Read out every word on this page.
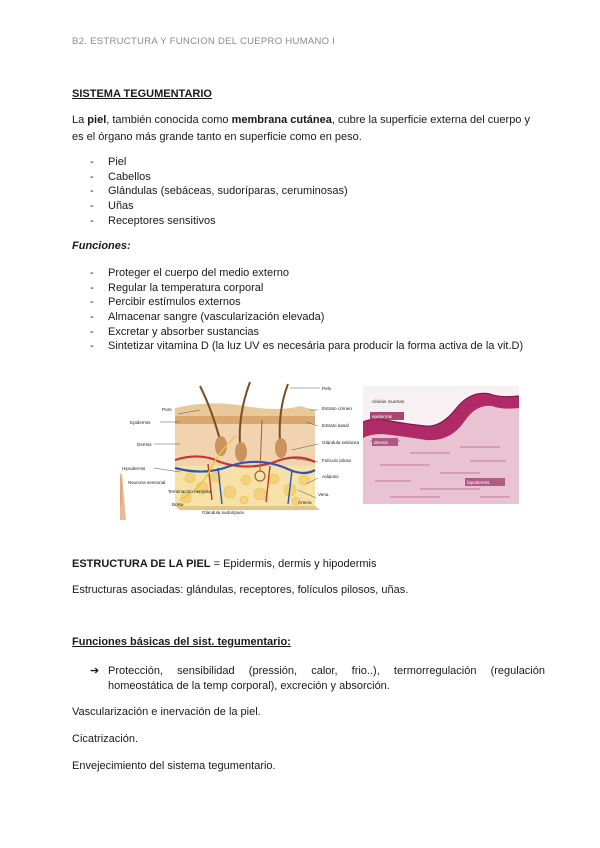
B2. ESTRUCTURA Y FUNCION DEL CUEPRO HUMANO I
SISTEMA TEGUMENTARIO
La piel, también conocida como membrana cutánea, cubre la superficie externa del cuerpo y es el órgano más grande tanto en superficie como en peso.
- Piel
- Cabellos
- Glándulas (sebáceas, sudoríparas, ceruminosas)
- Uñas
- Receptores sensitivos
Funciones:
- Proteger el cuerpo del medio externo
- Regular la temperatura corporal
- Percibir estímulos externos
- Almacenar sangre (vascularización elevada)
- Excretar y absorber sustancias
- Sintetizar vitamina D (la luz UV es necesária para producir la forma activa de la vit.D)
Poro
Epidermis
Dermis
Hipodermis
Neurona sensorial
Terminación nerviosa
Bolsa
Glándula sudorípara
Pelo
Estrato córneo
Estrato basal
Glándula sebácea
Folículo piloso
Adiposo
Vena
Arteria
células muertas
epidermis
dermis
hipodermis
ESTRUCTURA DE LA PIEL = Epidermis, dermis y hipodermis
Estructuras asociadas: glándulas, receptores, folículos pilosos, uñas.
Funciones básicas del sist. tegumentario:
➔ Protección, sensibilidad (pressión, calor, frio..), termorregulación (regulación homeostática de la temp corporal), excreción y absorción.
Vascularización e inervación de la piel.
Cicatrización.
Envejecimiento del sistema tegumentario.
